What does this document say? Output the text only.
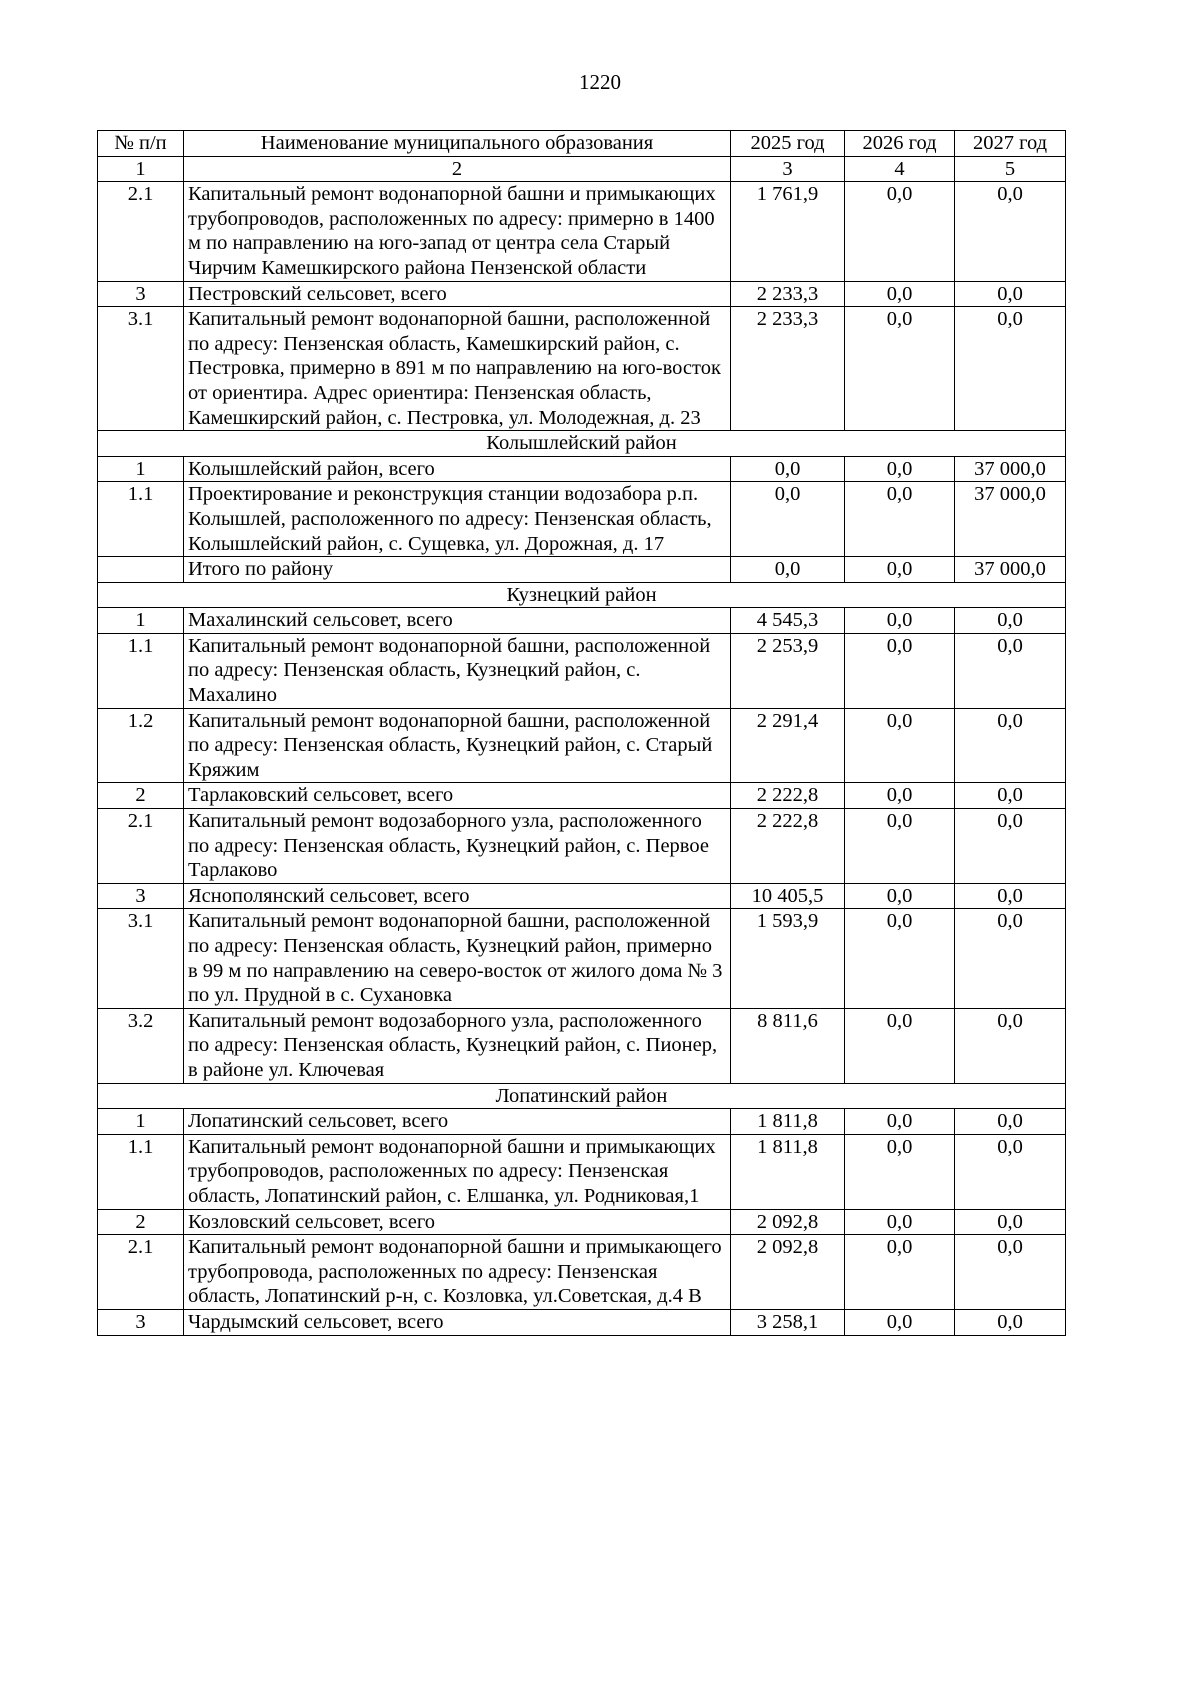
1220
№ п/п	Наименование муниципального образования	2025 год	2026 год	2027 год
1	2	3	4	5
2.1	Капитальный ремонт водонапорной башни и примыкающих трубопроводов, расположенных по адресу: примерно в 1400 м по направлению на юго-запад от центра села Старый Чирчим Камешкирского района Пензенской области	1 761,9	0,0	0,0
3	Пестровский сельсовет, всего	2 233,3	0,0	0,0
3.1	Капитальный ремонт водонапорной башни, расположенной по адресу: Пензенская область, Камешкирский район, с. Пестровка, примерно в 891 м по направлению на юго-восток от ориентира. Адрес ориентира: Пензенская область, Камешкирский район, с. Пестровка, ул. Молодежная, д. 23	2 233,3	0,0	0,0
Колышлейский район				
1	Колышлейский район, всего	0,0	0,0	37 000,0
1.1	Проектирование и реконструкция станции водозабора р.п. Колышлей, расположенного по адресу: Пензенская область, Колышлейский район, с. Сущевка, ул. Дорожная, д. 17	0,0	0,0	37 000,0
	Итого по району	0,0	0,0	37 000,0
Кузнецкий район				
1	Махалинский сельсовет, всего	4 545,3	0,0	0,0
1.1	Капитальный ремонт водонапорной башни, расположенной по адресу: Пензенская область, Кузнецкий район, с. Махалино	2 253,9	0,0	0,0
1.2	Капитальный ремонт водонапорной башни, расположенной по адресу: Пензенская область, Кузнецкий район, с. Старый Кряжим	2 291,4	0,0	0,0
2	Тарлаковский сельсовет, всего	2 222,8	0,0	0,0
2.1	Капитальный ремонт водозаборного узла, расположенного по адресу: Пензенская область, Кузнецкий район, с. Первое Тарлаково	2 222,8	0,0	0,0
3	Яснополянский сельсовет, всего	10 405,5	0,0	0,0
3.1	Капитальный ремонт водонапорной башни, расположенной по адресу: Пензенская область, Кузнецкий район, примерно в 99 м по направлению на северо-восток от жилого дома № 3 по ул. Прудной в с. Сухановка	1 593,9	0,0	0,0
3.2	Капитальный ремонт водозаборного узла, расположенного по адресу: Пензенская область, Кузнецкий район, с. Пионер, в районе ул. Ключевая	8 811,6	0,0	0,0
Лопатинский район				
1	Лопатинский сельсовет, всего	1 811,8	0,0	0,0
1.1	Капитальный ремонт водонапорной башни и примыкающих трубопроводов, расположенных по адресу: Пензенская область, Лопатинский район, с. Елшанка, ул. Родниковая,1	1 811,8	0,0	0,0
2	Козловский сельсовет, всего	2 092,8	0,0	0,0
2.1	Капитальный ремонт водонапорной башни и примыкающего трубопровода, расположенных по адресу: Пензенская область, Лопатинский р-н, с. Козловка, ул.Советская, д.4 В	2 092,8	0,0	0,0
3	Чардымский сельсовет, всего	3 258,1	0,0	0,0
